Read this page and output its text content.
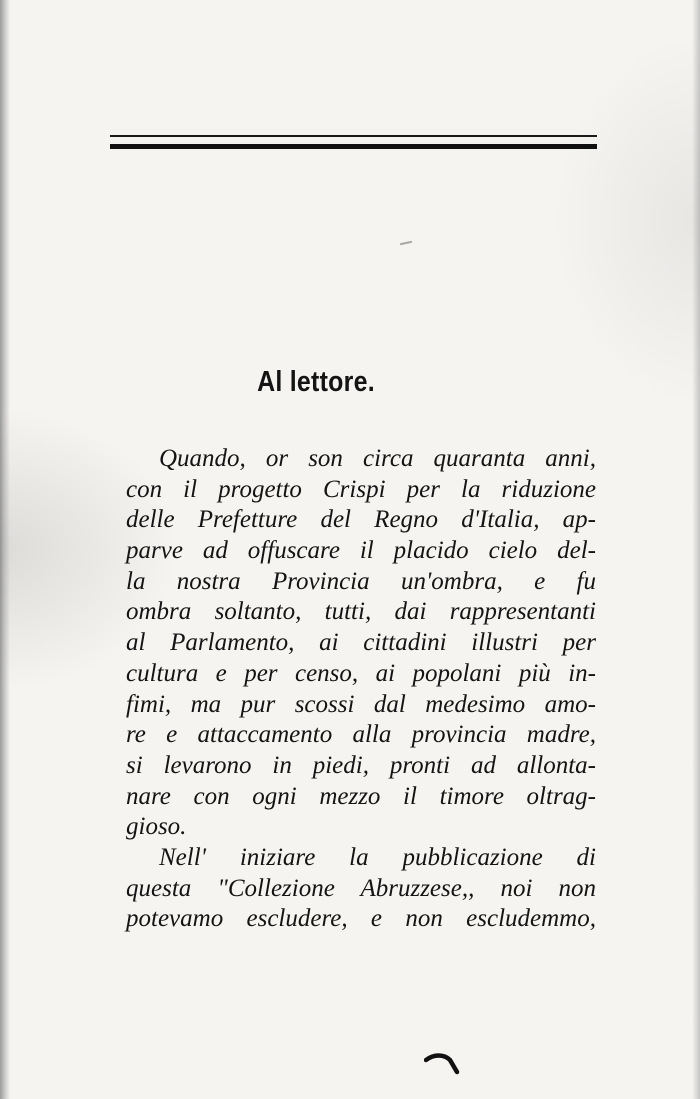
Al lettore.
Quando, or son circa quaranta anni,
con il progetto Crispi per la riduzione
delle Prefetture del Regno d'Italia, ap-
parve ad offuscare il placido cielo del-
la nostra Provincia un'ombra, e fu
ombra soltanto, tutti, dai rappresentanti
al Parlamento, ai cittadini illustri per
cultura e per censo, ai popolani più in-
fimi, ma pur scossi dal medesimo amo-
re e attaccamento alla provincia madre,
si levarono in piedi, pronti ad allonta-
nare con ogni mezzo il timore oltrag-
gioso.
Nell' iniziare la pubblicazione di
questa "Collezione Abruzzese,, noi non
potevamo escludere, e non escludemmo,
